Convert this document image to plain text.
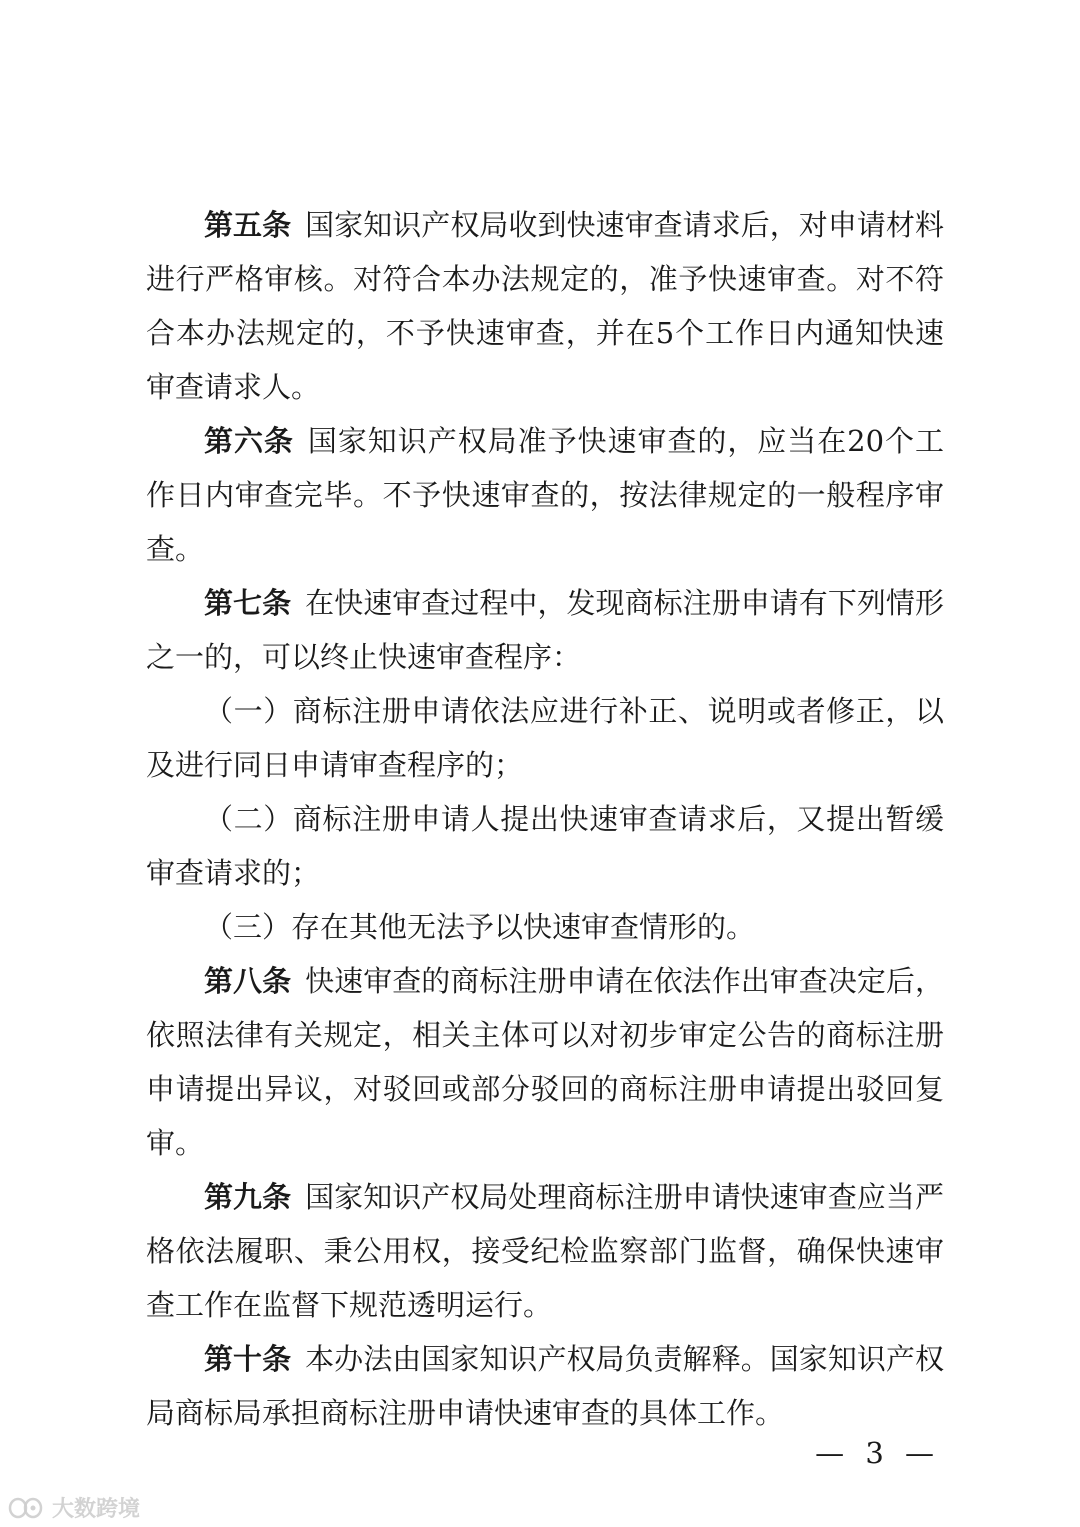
第五条 国家知识产权局收到快速审查请求后，对申请材料进行严格审核。对符合本办法规定的，准予快速审查。对不符合本办法规定的，不予快速审查，并在5个工作日内通知快速审查请求人。

第六条 国家知识产权局准予快速审查的，应当在20个工作日内审查完毕。不予快速审查的，按法律规定的一般程序审查。

第七条 在快速审查过程中，发现商标注册申请有下列情形之一的，可以终止快速审查程序：

（一）商标注册申请依法应进行补正、说明或者修正，以及进行同日申请审查程序的；

（二）商标注册申请人提出快速审查请求后，又提出暂缓审查请求的；

（三）存在其他无法予以快速审查情形的。

第八条 快速审查的商标注册申请在依法作出审查决定后，依照法律有关规定，相关主体可以对初步审定公告的商标注册申请提出异议，对驳回或部分驳回的商标注册申请提出驳回复审。

第九条 国家知识产权局处理商标注册申请快速审查应当严格依法履职、秉公用权，接受纪检监察部门监督，确保快速审查工作在监督下规范透明运行。

第十条 本办法由国家知识产权局负责解释。国家知识产权局商标局承担商标注册申请快速审查的具体工作。

— 3 —
大数跨境
